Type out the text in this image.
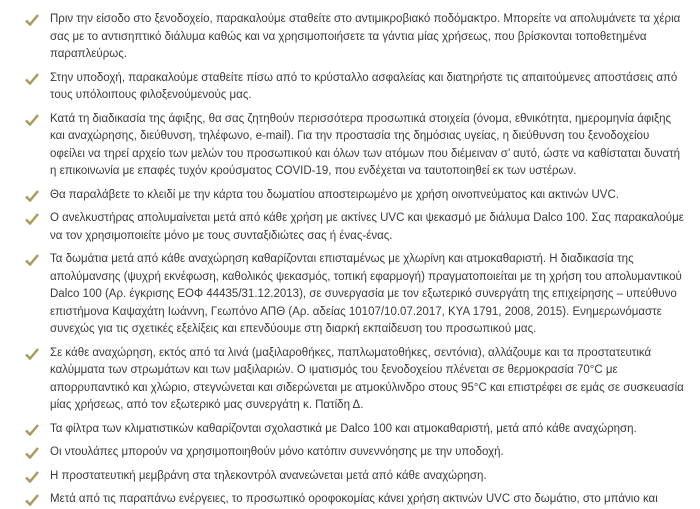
Πριν την είσοδο στο ξενοδοχείο, παρακαλούμε σταθείτε στο αντιμικροβιακό ποδόμακτρο. Μπορείτε να απολυμάνετε τα χέρια σας με το αντισηπτικό διάλυμα καθώς και να χρησιμοποιήσετε τα γάντια μίας χρήσεως, που βρίσκονται τοποθετημένα παραπλεύρως.

Στην υποδοχή, παρακαλούμε σταθείτε πίσω από το κρύσταλλο ασφαλείας και διατηρήστε τις απαιτούμενες αποστάσεις από τους υπόλοιπους φιλοξενούμενούς μας.

Κατά τη διαδικασία της άφιξης, θα σας ζητηθούν περισσότερα προσωπικά στοιχεία (όνομα, εθνικότητα, ημερομηνία άφιξης και αναχώρησης, διεύθυνση, τηλέφωνο, e-mail). Για την προστασία της δημόσιας υγείας, η διεύθυνση του ξενοδοχείου οφείλει να τηρεί αρχείο των μελών του προσωπικού και όλων των ατόμων που διέμειναν σ’ αυτό, ώστε να καθίσταται δυνατή η επικοινωνία με επαφές τυχόν κρούσματος COVID-19, που ενδέχεται να ταυτοποιηθεί εκ των υστέρων.

Θα παραλάβετε το κλειδί με την κάρτα του δωματίου αποστειρωμένο με χρήση οινοπνεύματος και ακτινών UVC.

Ο ανελκυστήρας απολυμαίνεται μετά από κάθε χρήση με ακτίνες UVC και ψεκασμό με διάλυμα Dalco 100. Σας παρακαλούμε να τον χρησιμοποιείτε μόνο με τους συνταξιδιώτες σας ή ένας-ένας.

Τα δωμάτια μετά από κάθε αναχώρηση καθαρίζονται επισταμένως με χλωρίνη και ατμοκαθαριστή. Η διαδικασία της απολύμανσης (ψυχρή εκνέφωση, καθολικός ψεκασμός, τοπική εφαρμογή) πραγματοποιείται με τη χρήση του απολυμαντικού Dalco 100 (Αρ. έγκρισης ΕΟΦ 44435/31.12.2013), σε συνεργασία με τον εξωτερικό συνεργάτη της επιχείρησης – υπεύθυνο επιστήμονα Καψαχάτη Ιωάννη, Γεωπόνο ΑΠΘ (Αρ. αδείας 10107/10.07.2017, ΚΥΑ 1791, 2008, 2015). Ενημερωνόμαστε συνεχώς για τις σχετικές εξελίξεις και επενδύουμε στη διαρκή εκπαίδευση του προσωπικού μας.

Σε κάθε αναχώρηση, εκτός από τα λινά (μαξιλαροθήκες, παπλωματοθήκες, σεντόνια), αλλάζουμε και τα προστατευτικά καλύμματα των στρωμάτων και των μαξιλαριών. Ο ιματισμός του ξενοδοχείου πλένεται σε θερμοκρασία 70°C με απορρυπαντικό και χλώριο, στεγνώνεται και σιδερώνεται με ατμοκύλινδρο στους 95°C και επιστρέφει σε εμάς σε συσκευασία μίας χρήσεως, από τον εξωτερικό μας συνεργάτη κ. Πατίδη Δ.

Τα φίλτρα των κλιματιστικών καθαρίζονται σχολαστικά με Dalco 100 και ατμοκαθαριστή, μετά από κάθε αναχώρηση.

Οι ντουλάπες μπορούν να χρησιμοποιηθούν μόνο κατόπιν συνεννόησης με την υποδοχή.

Η προστατευτική μεμβράνη στα τηλεκοντρόλ ανανεώνεται μετά από κάθε αναχώρηση.

Μετά από τις παραπάνω ενέργειες, το προσωπικό οροφοκομίας κάνει χρήση ακτινών UVC στο δωμάτιο, στο μπάνιο και
